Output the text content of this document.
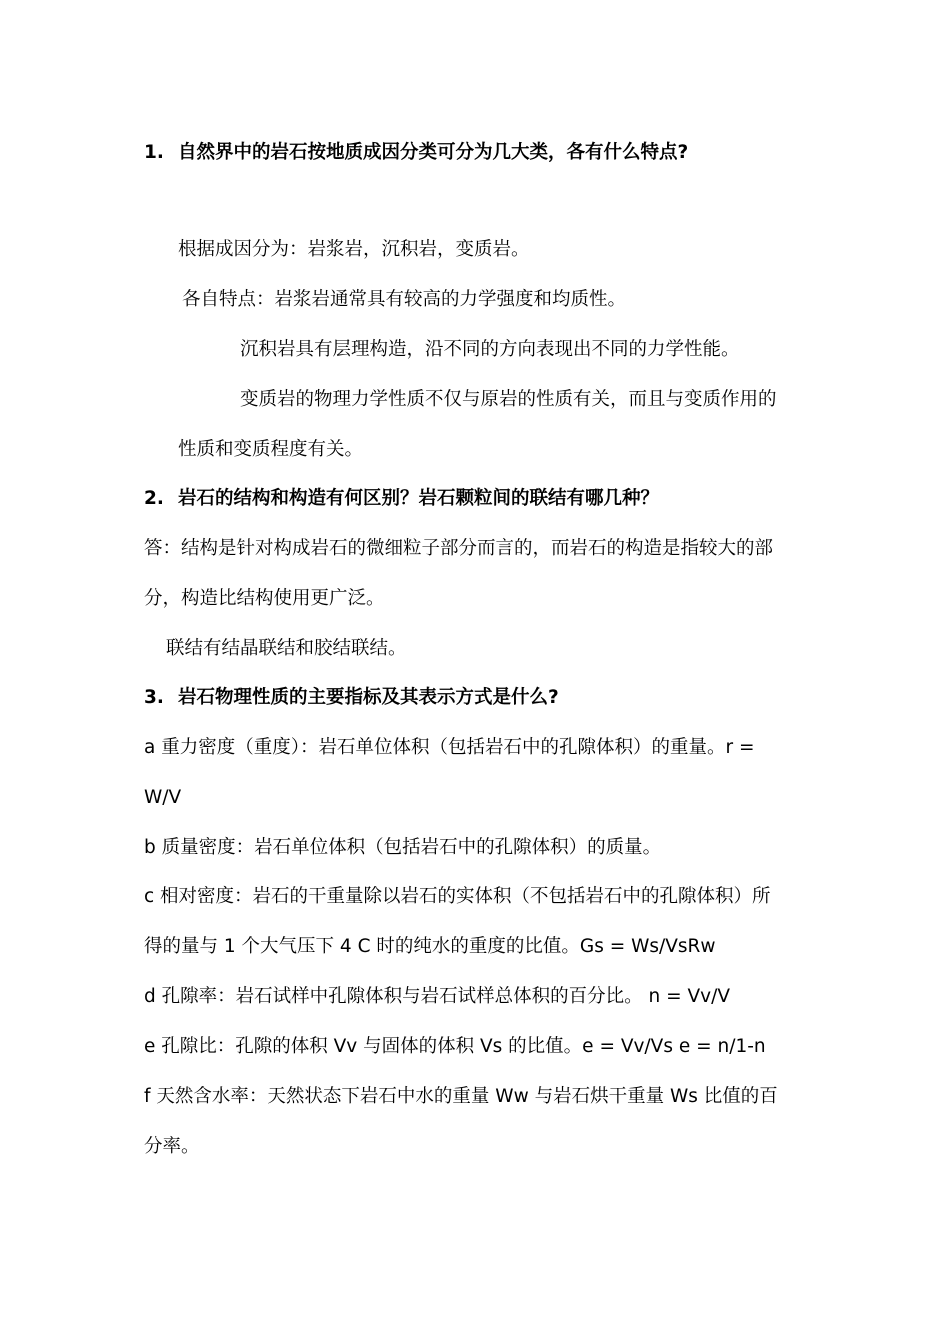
1. 自然界中的岩石按地质成因分类可分为几大类，各有什么特点?
根据成因分为：岩浆岩，沉积岩，变质岩。
各自特点：岩浆岩通常具有较高的力学强度和均质性。
沉积岩具有层理构造，沿不同的方向表现出不同的力学性能。
变质岩的物理力学性质不仅与原岩的性质有关，而且与变质作用的
性质和变质程度有关。
2. 岩石的结构和构造有何区别？岩石颗粒间的联结有哪几种？
答：结构是针对构成岩石的微细粒子部分而言的，而岩石的构造是指较大的部
分，构造比结构使用更广泛。
联结有结晶联结和胶结联结。
3. 岩石物理性质的主要指标及其表示方式是什么?
a 重力密度（重度）：岩石单位体积（包括岩石中的孔隙体积）的重量。r =
W/V
b 质量密度：岩石单位体积（包括岩石中的孔隙体积）的质量。
c 相对密度：岩石的干重量除以岩石的实体积（不包括岩石中的孔隙体积）所
得的量与 1 个大气压下 4 C 时的纯水的重度的比值。Gs = Ws/VsRw
d 孔隙率：岩石试样中孔隙体积与岩石试样总体积的百分比。 n = Vv/V
e 孔隙比：孔隙的体积 Vv 与固体的体积 Vs 的比值。e = Vv/Vs e = n/1-n
f 天然含水率：天然状态下岩石中水的重量 Ww 与岩石烘干重量 Ws 比值的百
分率。
